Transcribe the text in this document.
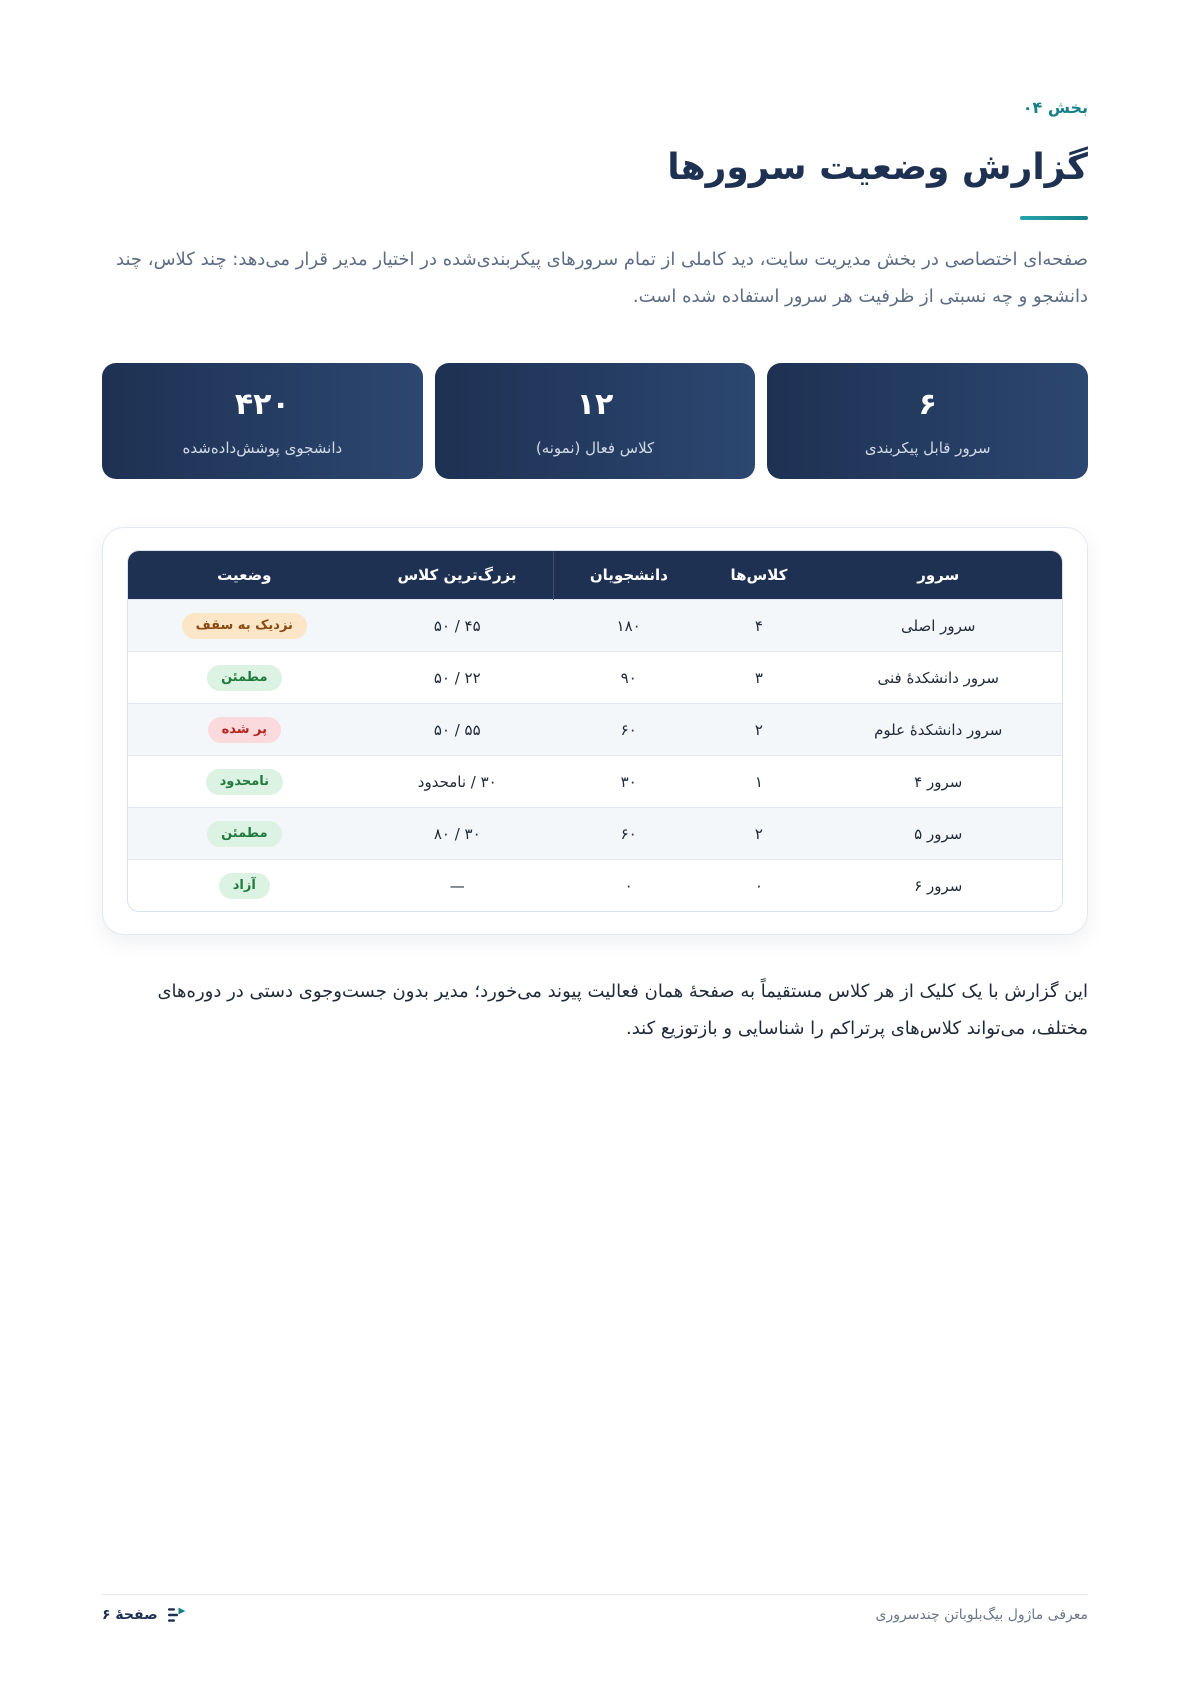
بخش ۰۴
گزارش وضعیت سرورها

صفحه‌ای اختصاصی در بخش مدیریت سایت، دید کاملی از تمام سرورهای پیکربندی‌شده در اختیار مدیر قرار می‌دهد: چند کلاس، چند دانشجو و چه نسبتی از ظرفیت هر سرور استفاده شده است.

۶
سرور قابل پیکربندی
۱۲
کلاس فعال (نمونه)
۴۲۰
دانشجوی پوشش‌داده‌شده
سرور	کلاس‌ها	دانشجویان	بزرگ‌ترین کلاس	وضعیت
سرور اصلی	۴	۱۸۰	۴۵ / ۵۰	نزدیک به سقف
سرور دانشکدهٔ فنی	۳	۹۰	۲۲ / ۵۰	مطمئن
سرور دانشکدهٔ علوم	۲	۶۰	۵۵ / ۵۰	پر شده
سرور ۴	۱	۳۰	۳۰ / نامحدود	نامحدود
سرور ۵	۲	۶۰	۳۰ / ۸۰	مطمئن
سرور ۶	۰	۰	—	آزاد

این گزارش با یک کلیک از هر کلاس مستقیماً به صفحهٔ همان فعالیت پیوند می‌خورد؛ مدیر بدون جست‌وجوی دستی در دوره‌های مختلف، می‌تواند کلاس‌های پرتراکم را شناسایی و بازتوزیع کند.

معرفی ماژول بیگ‌بلوباتن چندسروری
صفحهٔ ۶
